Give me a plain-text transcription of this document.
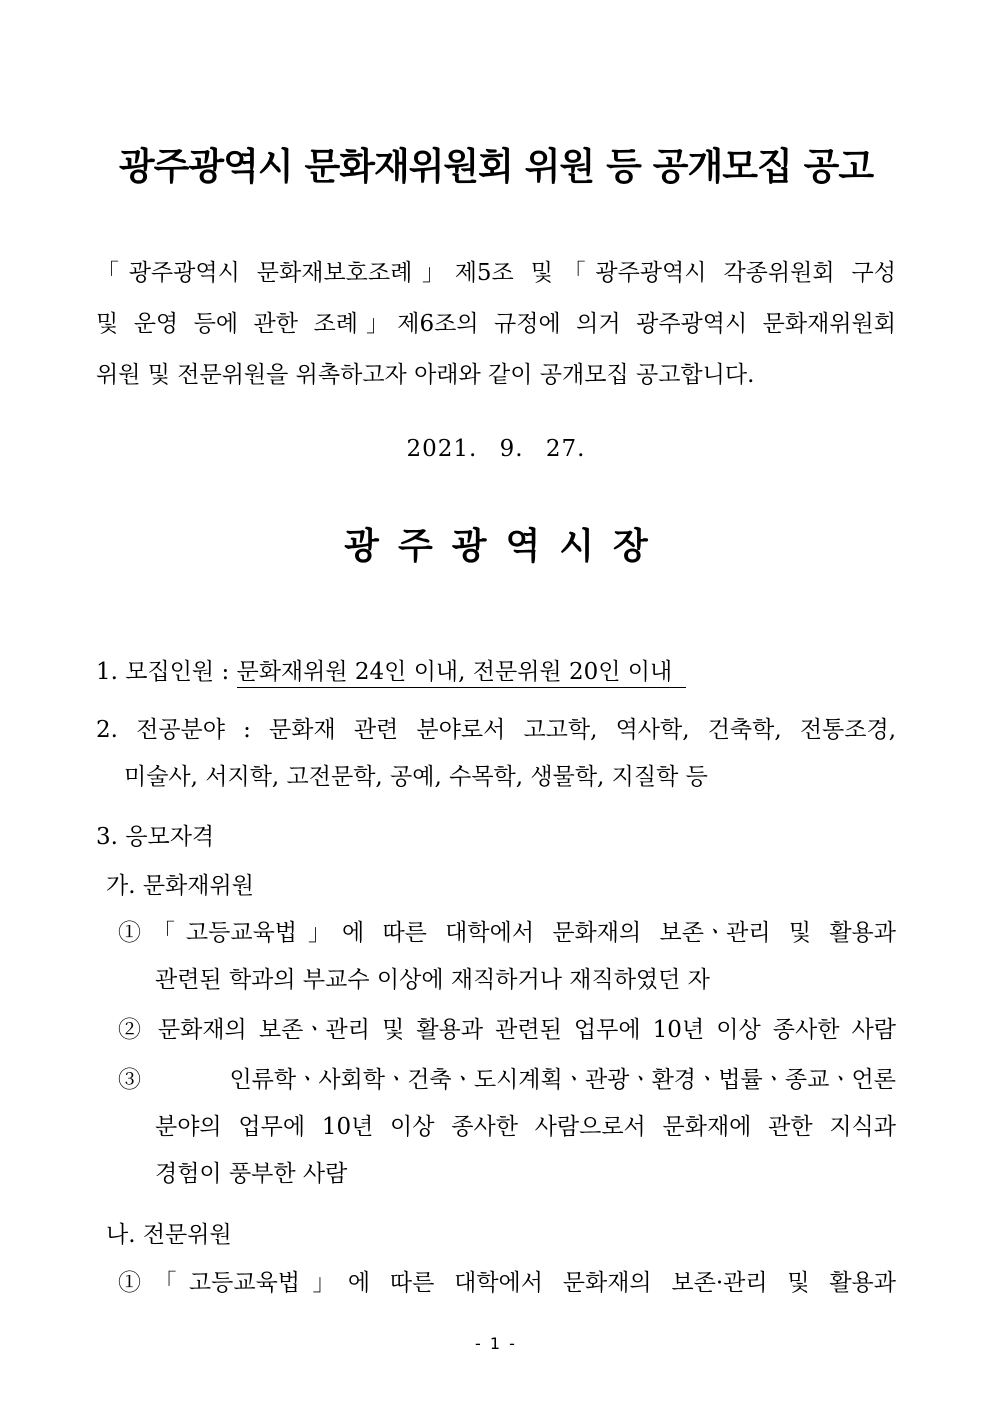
광주광역시 문화재위원회 위원 등 공개모집 공고
「광주광역시 문화재보호조례」제5조 및「광주광역시 각종위원회 구성
및 운영 등에 관한 조례」제6조의 규정에 의거 광주광역시 문화재위원회
위원 및 전문위원을 위촉하고자 아래와 같이 공개모집 공고합니다.
2021. 9. 27.
광주광역시장
1. 모집인원 : 문화재위원 24인 이내, 전문위원 20인 이내
2. 전공분야 : 문화재 관련 분야로서 고고학, 역사학, 건축학, 전통조경,
미술사, 서지학, 고전문학, 공예, 수목학, 생물학, 지질학 등
3. 응모자격
가. 문화재위원
①「고등교육법」에 따른 대학에서 문화재의 보존ㆍ관리 및 활용과
관련된 학과의 부교수 이상에 재직하거나 재직하였던 자
② 문화재의 보존ㆍ관리 및 활용과 관련된 업무에 10년 이상 종사한 사람
③ 인류학ㆍ사회학ㆍ건축ㆍ도시계획ㆍ관광ㆍ환경ㆍ법률ㆍ종교ㆍ언론
분야의 업무에 10년 이상 종사한 사람으로서 문화재에 관한 지식과
경험이 풍부한 사람
나. 전문위원
①「고등교육법」에 따른 대학에서 문화재의 보존·관리 및 활용과
- 1 -
